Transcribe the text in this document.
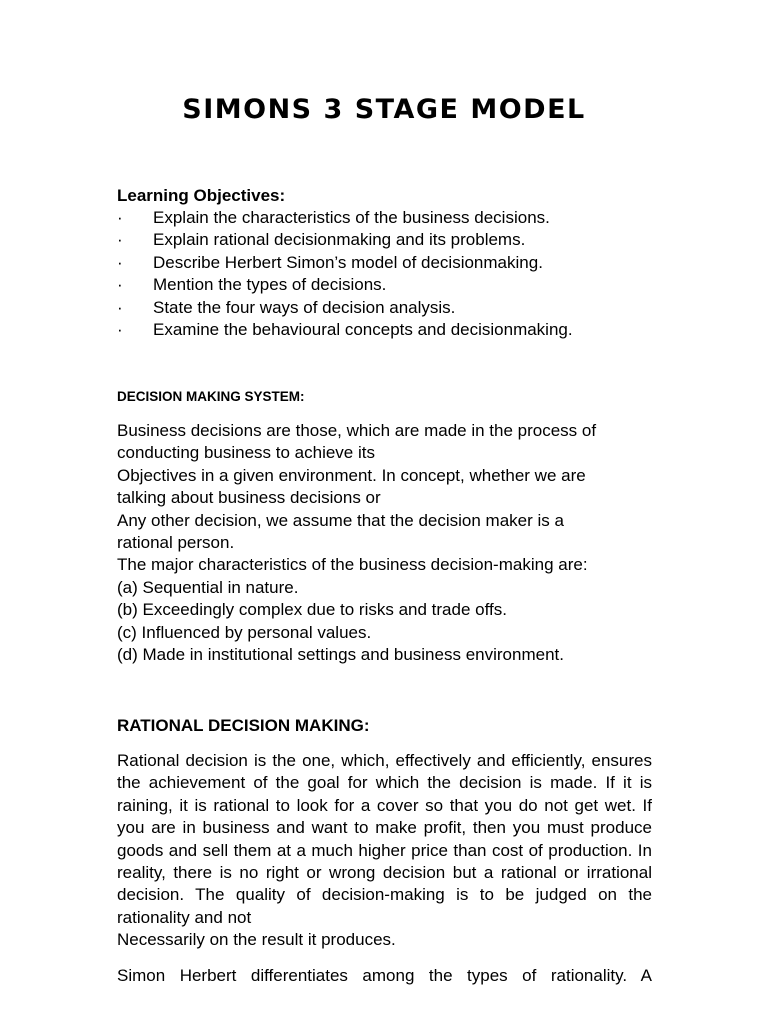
SIMONS 3 STAGE MODEL
Learning Objectives:
· Explain the characteristics of the business decisions.
· Explain rational decisionmaking and its problems.
· Describe Herbert Simon’s model of decisionmaking.
· Mention the types of decisions.
· State the four ways of decision analysis.
· Examine the behavioural concepts and decisionmaking.
DECISION MAKING SYSTEM:
Business decisions are those, which are made in the process of
conducting business to achieve its
Objectives in a given environment. In concept, whether we are
talking about business decisions or
Any other decision, we assume that the decision maker is a
rational person.
The major characteristics of the business decision-making are:
(a) Sequential in nature.
(b) Exceedingly complex due to risks and trade offs.
(c) Influenced by personal values.
(d) Made in institutional settings and business environment.
RATIONAL DECISION MAKING:
Rational decision is the one, which, effectively and efficiently, ensures the achievement of the goal for which the decision is made. If it is raining, it is rational to look for a cover so that you do not get wet. If you are in business and want to make profit, then you must produce goods and sell them at a much higher price than cost of production. In reality, there is no right or wrong decision but a rational or irrational decision. The quality of decision-making is to be judged on the rationality and not
Necessarily on the result it produces.
Simon Herbert differentiates among the types of rationality. A
